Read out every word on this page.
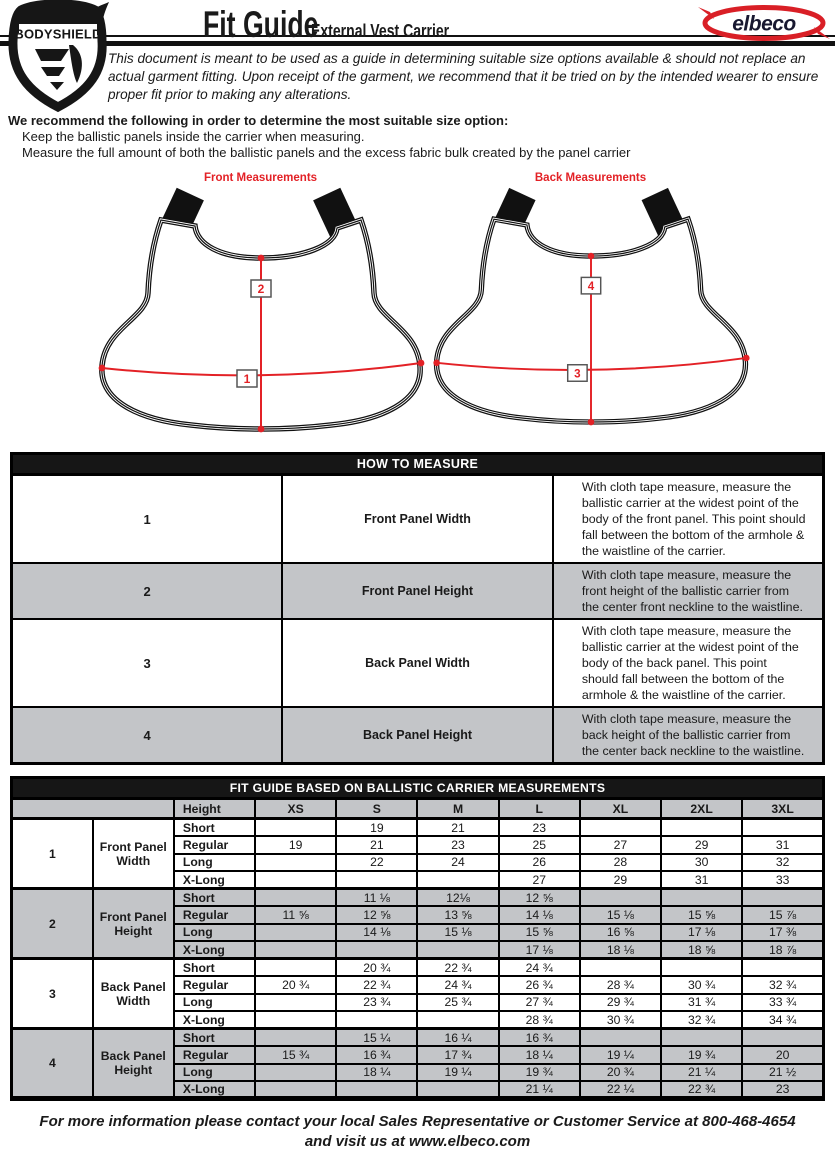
BODYSHIELD	Fit Guide
External Vest Carrier	elbeco

This document is meant to be used as a guide in determining suitable size options available & should not replace an actual garment fitting. Upon receipt of the garment, we recommend that it be tried on by the intended wearer to ensure proper fit prior to making any alterations.

We recommend the following in order to determine the most suitable size option:
Keep the ballistic panels inside the carrier when measuring.
Measure the full amount of both the ballistic panels and the excess fabric bulk created by the panel carrier
Front Measurements
2
1
Back Measurements
4
3
HOW TO MEASURE		
1	Front Panel Width	With cloth tape measure, measure the ballistic carrier at the widest point of the body of the front panel. This point should fall between the bottom of the armhole & the waistline of the carrier.
2	Front Panel Height	With cloth tape measure, measure the front height of the ballistic carrier from the center front neckline to the waistline.
3	Back Panel Width	With cloth tape measure, measure the ballistic carrier at the widest point of the body of the back panel. This point should fall between the bottom of the armhole & the waistline of the carrier.
4	Back Panel Height	With cloth tape measure, measure the back height of the ballistic carrier from the center back neckline to the waistline.
FIT GUIDE BASED ON BALLISTIC CARRIER MEASUREMENTS									
		Height	XS	S	M	L	XL	2XL	3XL
1	Front Panel Width	Short		19	21	23			
		Regular	19	21	23	25	27	29	31
		Long		22	24	26	28	30	32
		X-Long				27	29	31	33
2	Front Panel Height	Short		11 ⅛	12⅛	12 ⅝			
		Regular	11 ⅝	12 ⅝	13 ⅝	14 ⅛	15 ⅛	15 ⅝	15 ⅞
		Long		14 ⅛	15 ⅛	15 ⅝	16 ⅝	17 ⅛	17 ⅜
		X-Long				17 ⅛	18 ⅛	18 ⅝	18 ⅞
3	Back Panel Width	Short		20 ¾	22 ¾	24 ¾			
		Regular	20 ¾	22 ¾	24 ¾	26 ¾	28 ¾	30 ¾	32 ¾
		Long		23 ¾	25 ¾	27 ¾	29 ¾	31 ¾	33 ¾
		X-Long				28 ¾	30 ¾	32 ¾	34 ¾
4	Back Panel Height	Short		15 ¼	16 ¼	16 ¾			
		Regular	15 ¾	16 ¾	17 ¾	18 ¼	19 ¼	19 ¾	20
		Long		18 ¼	19 ¼	19 ¾	20 ¾	21 ¼	21 ½
		X-Long				21 ¼	22 ¼	22 ¾	23

For more information please contact your local Sales Representative or Customer Service at 800-468-4654 and visit us at www.elbeco.com
